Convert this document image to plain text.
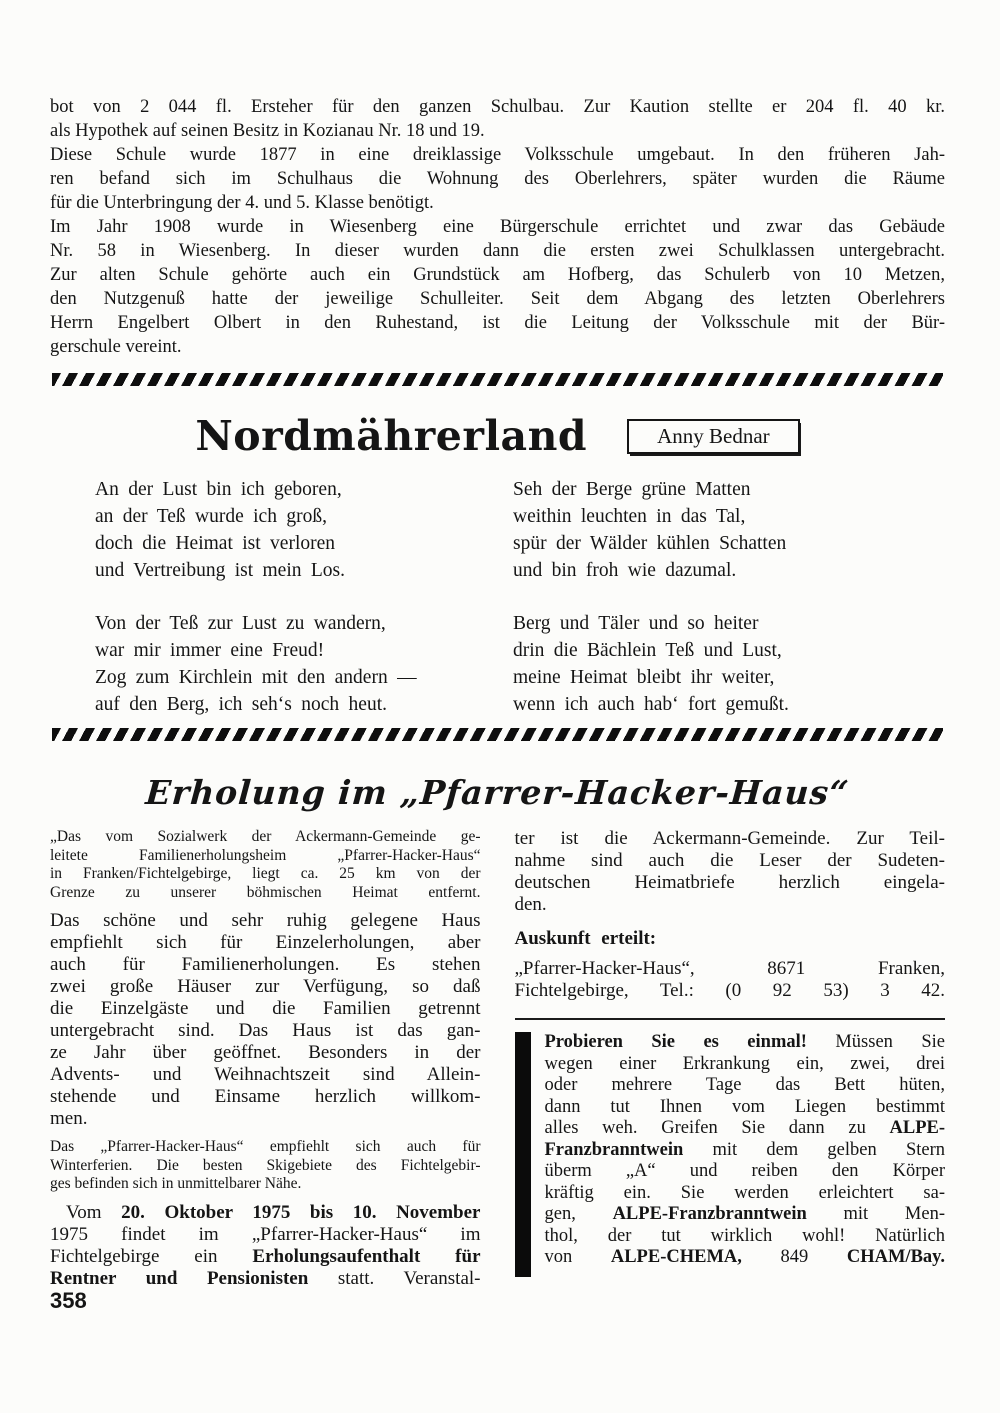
bot von 2 044 fl. Ersteher für den ganzen Schulbau. Zur Kaution stellte er 204 fl. 40 kr.
als Hypothek auf seinen Besitz in Kozianau Nr. 18 und 19.
Diese Schule wurde 1877 in eine dreiklassige Volksschule umgebaut. In den früheren Jah-
ren befand sich im Schulhaus die Wohnung des Oberlehrers, später wurden die Räume
für die Unterbringung der 4. und 5. Klasse benötigt.
Im Jahr 1908 wurde in Wiesenberg eine Bürgerschule errichtet und zwar das Gebäude
Nr. 58 in Wiesenberg. In dieser wurden dann die ersten zwei Schulklassen untergebracht.
Zur alten Schule gehörte auch ein Grundstück am Hofberg, das Schulerb von 10 Metzen,
den Nutzgenuß hatte der jeweilige Schulleiter. Seit dem Abgang des letzten Oberlehrers
Herrn Engelbert Olbert in den Ruhestand, ist die Leitung der Volksschule mit der Bür-
gerschule vereint.
Nordmährerland	Anny Bednar
An der Lust bin ich geboren,
an der Teß wurde ich groß,
doch die Heimat ist verloren
und Vertreibung ist mein Los.
Von der Teß zur Lust zu wandern,
war mir immer eine Freud!
Zog zum Kirchlein mit den andern —
auf den Berg, ich seh‘s noch heut.
Seh der Berge grüne Matten
weithin leuchten in das Tal,
spür der Wälder kühlen Schatten
und bin froh wie dazumal.
Berg und Täler und so heiter
drin die Bächlein Teß und Lust,
meine Heimat bleibt ihr weiter,
wenn ich auch hab‘ fort gemußt.
Erholung im „Pfarrer-Hacker-Haus“
„Das vom Sozialwerk der Ackermann-Gemeinde ge-
leitete Familienerholungsheim „Pfarrer-Hacker-Haus“
in Franken/Fichtelgebirge, liegt ca. 25 km von der
Grenze zu unserer böhmischen Heimat entfernt.
Das schöne und sehr ruhig gelegene Haus
empfiehlt sich für Einzelerholungen, aber
auch für Familienerholungen. Es stehen
zwei große Häuser zur Verfügung, so daß
die Einzelgäste und die Familien getrennt
untergebracht sind. Das Haus ist das gan-
ze Jahr über geöffnet. Besonders in der
Advents- und Weihnachtszeit sind Allein-
stehende und Einsame herzlich willkom-
men.
Das „Pfarrer-Hacker-Haus“ empfiehlt sich auch für
Winterferien. Die besten Skigebiete des Fichtelgebir-
ges befinden sich in unmittelbarer Nähe.
Vom 20. Oktober 1975 bis 10. November
1975 findet im „Pfarrer-Hacker-Haus“ im
Fichtelgebirge ein Erholungsaufenthalt für
Rentner und Pensionisten statt. Veranstal-
ter ist die Ackermann-Gemeinde. Zur Teil-
nahme sind auch die Leser der Sudeten-
deutschen Heimatbriefe herzlich eingela-
den.
Auskunft erteilt:
„Pfarrer-Hacker-Haus“, 8671 Franken,
Fichtelgebirge, Tel.: (0 92 53) 3 42.
Probieren Sie es einmal! Müssen Sie
wegen einer Erkrankung ein, zwei, drei
oder mehrere Tage das Bett hüten,
dann tut Ihnen vom Liegen bestimmt
alles weh. Greifen Sie dann zu ALPE-
Franzbranntwein mit dem gelben Stern
überm „A“ und reiben den Körper
kräftig ein. Sie werden erleichtert sa-
gen, ALPE-Franzbranntwein mit Men-
thol, der tut wirklich wohl! Natürlich
von ALPE-CHEMA, 849 CHAM/Bay.
358
